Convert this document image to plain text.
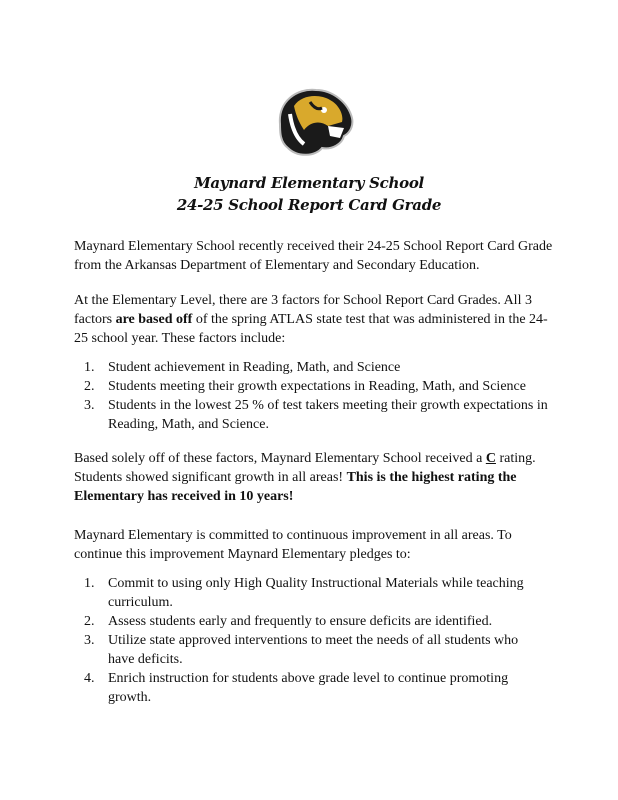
Maynard Elementary School
24-25 School Report Card Grade

Maynard Elementary School recently received their 24-25 School Report Card Grade from the Arkansas Department of Elementary and Secondary Education.

At the Elementary Level, there are 3 factors for School Report Card Grades. All 3 factors are based off of the spring ATLAS state test that was administered in the 24-25 school year. These factors include:

1. Student achievement in Reading, Math, and Science
2. Students meeting their growth expectations in Reading, Math, and Science
3. Students in the lowest 25 % of test takers meeting their growth expectations in Reading, Math, and Science.

Based solely off of these factors, Maynard Elementary School received a C rating. Students showed significant growth in all areas! This is the highest rating the Elementary has received in 10 years!

Maynard Elementary is committed to continuous improvement in all areas. To continue this improvement Maynard Elementary pledges to:

1. Commit to using only High Quality Instructional Materials while teaching curriculum.
2. Assess students early and frequently to ensure deficits are identified.
3. Utilize state approved interventions to meet the needs of all students who have deficits.
4. Enrich instruction for students above grade level to continue promoting growth.
